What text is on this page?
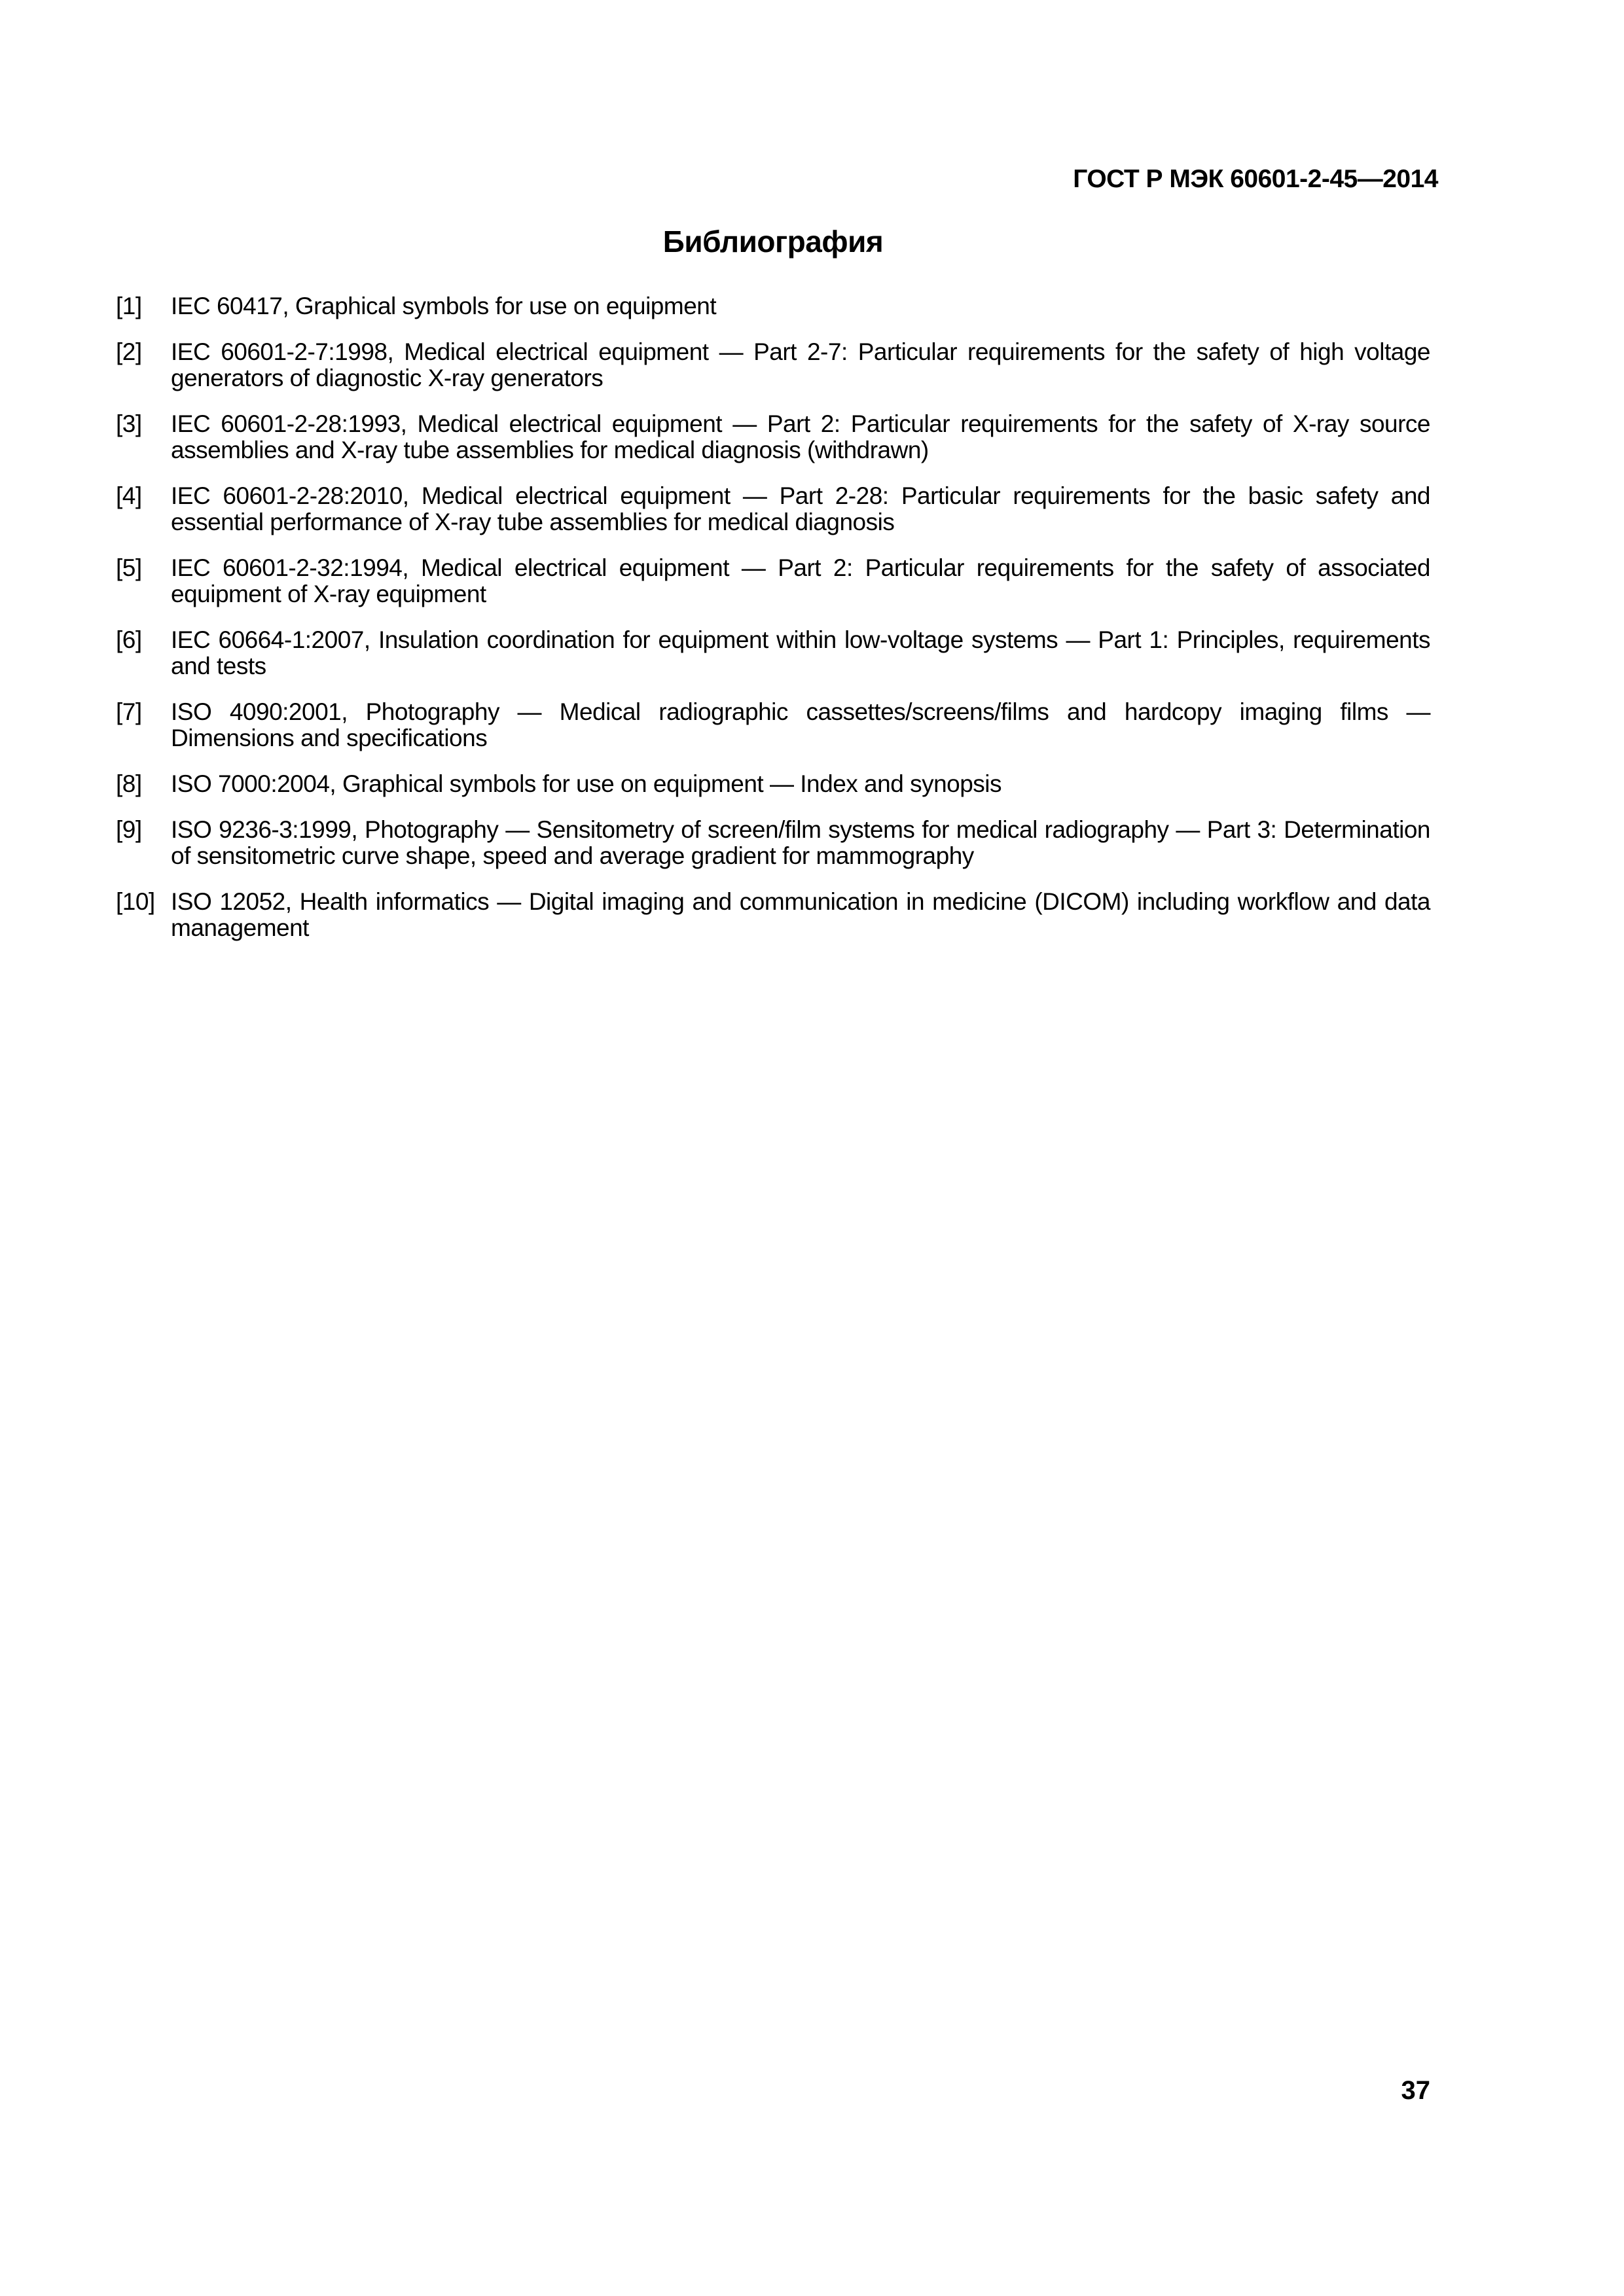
ГОСТ Р МЭК 60601-2-45—2014
Библиография
[1]	IEC 60417, Graphical symbols for use on equipment
[2]	IEC 60601-2-7:1998, Medical electrical equipment — Part 2-7: Particular requirements for the safety of high voltage generators of diagnostic X-ray generators
[3]	IEC 60601-2-28:1993, Medical electrical equipment — Part 2: Particular requirements for the safety of X-ray source assemblies and X-ray tube assemblies for medical diagnosis (withdrawn)
[4]	IEC 60601-2-28:2010, Medical electrical equipment — Part 2-28: Particular requirements for the basic safety and essential performance of X-ray tube assemblies for medical diagnosis
[5]	IEC 60601-2-32:1994, Medical electrical equipment — Part 2: Particular requirements for the safety of associated equipment of X-ray equipment
[6]	IEC 60664-1:2007, Insulation coordination for equipment within low-voltage systems — Part 1: Principles, requirements and tests
[7]	ISO 4090:2001, Photography — Medical radiographic cassettes/screens/films and hardcopy imaging films — Dimensions and specifications
[8]	ISO 7000:2004, Graphical symbols for use on equipment — Index and synopsis
[9]	ISO 9236-3:1999, Photography — Sensitometry of screen/film systems for medical radiography — Part 3: Determination of sensitometric curve shape, speed and average gradient for mammography
[10] ISO 12052, Health informatics — Digital imaging and communication in medicine (DICOM) including workflow and data management
37
